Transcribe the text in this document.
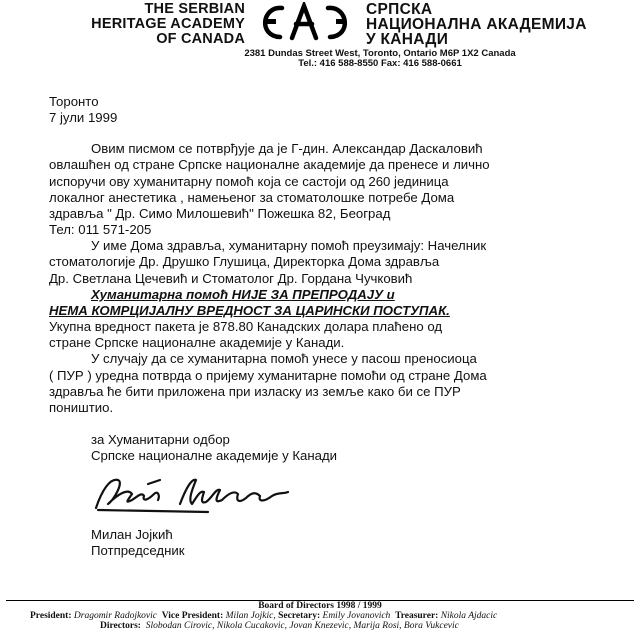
THE SERBIAN
HERITAGE ACADEMY
OF CANADA
СРПСКА
НАЦИОНАЛНА АКАДЕМИЈА
У КАНАДИ
2381 Dundas Street West, Toronto, Ontario M6P 1X2 Canada
Tel.: 416 588-8550 Fax: 416 588-0661
Торонто
7 јули 1999
Овим писмом се потврђује да је Г-дин. Александар Даскаловић
овлашћен од стране Српске националне академије да пренесе и лично
испоручи ову хуманитарну помоћ која се састоји од 260 јединица
локалног анестетика , намењеног за стоматолошке потребе Дома
здравља " Др. Симо Милошевић" Пожешка 82, Београд
Тел: 011 571-205
У име Дома здравља, хуманитарну помоћ преузимају: Начелник
стоматологије Др. Друшко Глушица, Директорка Дома здравља
Др. Светлана Цечевић и Стоматолог Др. Гордана Чучковић
Хуманитарна помоћ НИЈЕ ЗА ПРЕПРОДАЈУ и
НЕМА КОМРЦИЈАЛНУ ВРЕДНОСТ ЗА ЦАРИНСКИ ПОСТУПАК.
Укупна вредност пакета је 878.80 Канадских долара плаћено од
стране Српске националне академије у Канади.
У случају да се хуманитарна помоћ унесе у пасош преносиоца
( ПУР ) уредна потврда о пријему хуманитарне помоћи од стране Дома
здравља ће бити приложена при изласку из земље како би се ПУР
поништио.
за Хуманитарни одбор
Српске националне академије у Канади
Милан Јојкић
Потпредседник
Board of Directors 1998 / 1999
President: Dragomir Radojkovic Vice President: Milan Jojkic, Secretary: Emily Jovanovich Treasurer: Nikola Ajdacic
Directors: Slobodan Cirovic, Nikola Cucakovic, Jovan Knezevic, Marija Rosi, Bora Vukcevic
